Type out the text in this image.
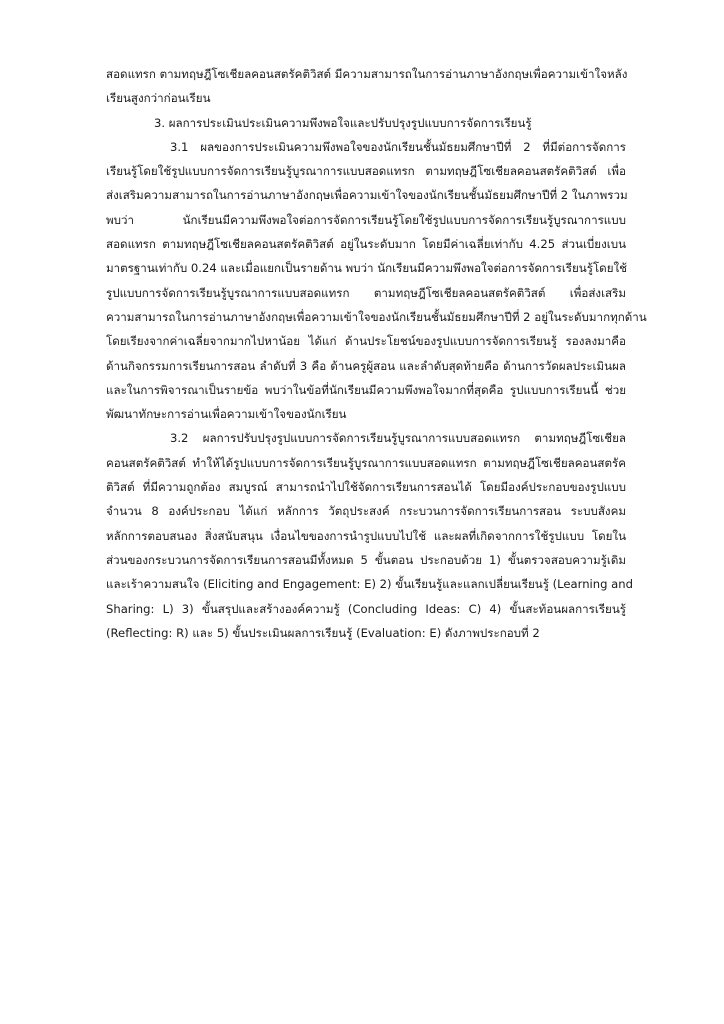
สอดแทรก ตามทฤษฎีโซเชียลคอนสตรัคติวิสต์ มีความสามารถในการอ่านภาษาอังกฤษเพื่อความเข้าใจหลัง
เรียนสูงกว่าก่อนเรียน
3. ผลการประเมินประเมินความพึงพอใจและปรับปรุงรูปแบบการจัดการเรียนรู้
3.1 ผลของการประเมินความพึงพอใจของนักเรียนชั้นมัธยมศึกษาปีที่ 2 ที่มีต่อการจัดการ
เรียนรู้โดยใช้รูปแบบการจัดการเรียนรู้บูรณาการแบบสอดแทรก ตามทฤษฎีโซเชียลคอนสตรัคติวิสต์ เพื่อ
ส่งเสริมความสามารถในการอ่านภาษาอังกฤษเพื่อความเข้าใจของนักเรียนชั้นมัธยมศึกษาปีที่ 2 ในภาพรวม
พบว่า นักเรียนมีความพึงพอใจต่อการจัดการเรียนรู้โดยใช้รูปแบบการจัดการเรียนรู้บูรณาการแบบ
สอดแทรก ตามทฤษฎีโซเชียลคอนสตรัคติวิสต์ อยู่ในระดับมาก โดยมีค่าเฉลี่ยเท่ากับ 4.25 ส่วนเบี่ยงเบน
มาตรฐานเท่ากับ 0.24 และเมื่อแยกเป็นรายด้าน พบว่า นักเรียนมีความพึงพอใจต่อการจัดการเรียนรู้โดยใช้
รูปแบบการจัดการเรียนรู้บูรณาการแบบสอดแทรก ตามทฤษฎีโซเชียลคอนสตรัคติวิสต์ เพื่อส่งเสริม
ความสามารถในการอ่านภาษาอังกฤษเพื่อความเข้าใจของนักเรียนชั้นมัธยมศึกษาปีที่ 2 อยู่ในระดับมากทุกด้าน
โดยเรียงจากค่าเฉลี่ยจากมากไปหาน้อย ได้แก่ ด้านประโยชน์ของรูปแบบการจัดการเรียนรู้ รองลงมาคือ
ด้านกิจกรรมการเรียนการสอน ลำดับที่ 3 คือ ด้านครูผู้สอน และลำดับสุดท้ายคือ ด้านการวัดผลประเมินผล
และในการพิจารณาเป็นรายข้อ พบว่าในข้อที่นักเรียนมีความพึงพอใจมากที่สุดคือ รูปแบบการเรียนนี้ ช่วย
พัฒนาทักษะการอ่านเพื่อความเข้าใจของนักเรียน
3.2 ผลการปรับปรุงรูปแบบการจัดการเรียนรู้บูรณาการแบบสอดแทรก ตามทฤษฎีโซเชียล
คอนสตรัคติวิสต์ ทำให้ได้รูปแบบการจัดการเรียนรู้บูรณาการแบบสอดแทรก ตามทฤษฎีโซเชียลคอนสตรัค
ติวิสต์ ที่มีความถูกต้อง สมบูรณ์ สามารถนำไปใช้จัดการเรียนการสอนได้ โดยมีองค์ประกอบของรูปแบบ
จำนวน 8 องค์ประกอบ ได้แก่ หลักการ วัตถุประสงค์ กระบวนการจัดการเรียนการสอน ระบบสังคม
หลักการตอบสนอง สิ่งสนับสนุน เงื่อนไขของการนำรูปแบบไปใช้ และผลที่เกิดจากการใช้รูปแบบ โดยใน
ส่วนของกระบวนการจัดการเรียนการสอนมีทั้งหมด 5 ขั้นตอน ประกอบด้วย 1) ขั้นตรวจสอบความรู้เดิม
และเร้าความสนใจ (Eliciting and Engagement: E) 2) ขั้นเรียนรู้และแลกเปลี่ยนเรียนรู้ (Learning and
Sharing: L) 3) ขั้นสรุปและสร้างองค์ความรู้ (Concluding Ideas: C) 4) ขั้นสะท้อนผลการเรียนรู้
(Reflecting: R) และ 5) ขั้นประเมินผลการเรียนรู้ (Evaluation: E) ดังภาพประกอบที่ 2
